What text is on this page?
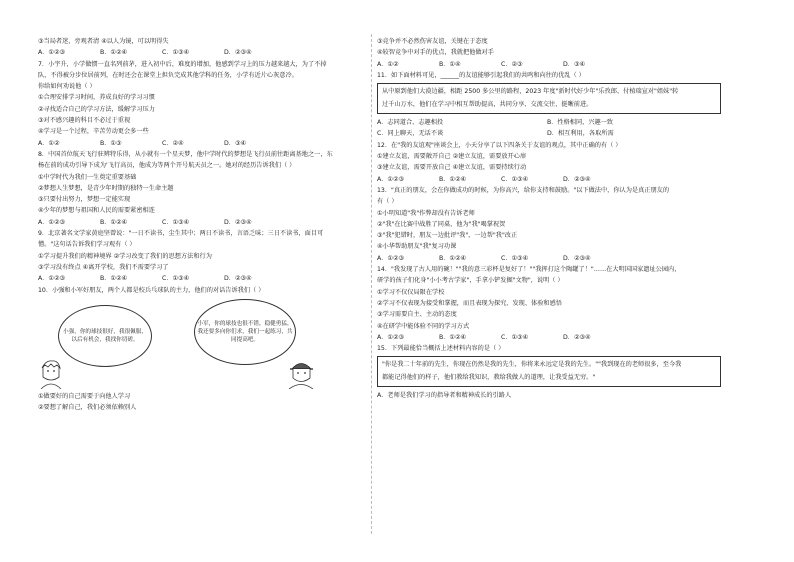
③当局者迷，旁观者清 ④以人为镜，可以明得失
A．①②③	B．①②④	C．①③④	D．②③④
7．小宇升，小学做惯一直名列前茅，进入初中后，难度的增加，他感到学习上的压力越来越大，为了不掉
队，不得被分步位居前列，在时还会在课堂上担负完成其他学科的任务，小学有近片心灰意冷。
你给如何劝说他（ ）
①合理安排学习时间，养成良好的学习习惯
②寻找适合自己的学习方法，缓解学习压力
③对不感兴趣的科目不必过于重视
④学习是一个过程，辛苦劳动更会多一些
A．①②	B．①③	C．②④	D．③④
8．中国首位航天飞行驻辨特乐得，从小就有一个星天梦，他中学时代的梦想是飞行员前往距离基地之一，东
杨在前的成功引导下成为'飞行高员，他成为等两个开号航天员之一。她对的经历告诉我们（ ）
①中学时代为我们一生奠定重要基础
②梦想人生梦想，是青少年时期的独特一生命主题
③只要付出努力，梦想一定能实现
④少年的梦想与祖国和人民的需要紧密相连
A．①②③	B．①②④	C．①③④	D．②③④
9．北京著名文学家黄庭坚曾说："一日不读书，尘生其中；两日不读书，言语乏味；三日不读书，面目可
憎。"这句话告诉我们学习观有（ ）
①学习提升我们的精神境界 ②学习改变了我们的思想方法和行为
③学习没有终点 ④离开学校，我们不需要学习了
A．①②③	B．①②④	C．①③④	D．②③④
10．小强和小军好朋友，两个人都是校兵乓球队的主力，他们的对话告诉我们（ ）
小强，你的球技很好，我很佩服，以后有机会，我找你切磋。
小军，你的球技也很不错，稳健勇猛，我还要多向你们求，我们一起练习，共同提高吧。
①做要好的自己需要于向他人学习
②要想了解自己，我们必须依赖别人
③竞争并不必然伤害友谊，关键在于态度
④较智竞争中对手的优点，我就把他做对手
A．①②	B．①④	C．②③	D．③④
11．如下面材料可见，______的友谊能够引起我们的共鸣和向往的优乱（ ）
从中原到他们大漠边疆，相距 2500 多公里的路程，2023 年度"新时代好少年"乐孜郎、付植瑞宣对"姐妹"转
过千山万水，他们在学习中相互帮助提高，共同分享、交流交往，挺晰前进。
A．志同道合、志趣相投	B．性格相同，兴趣一致
C．同上聊天，无话不谈	D．相互利用，各取所需
12．在"我的友谊观"座谈会上，小天分享了以下四条关于友谊的观点，其中正确的有（ ）
①建立友谊，需要敞开自己 ②建立友谊，需要放开心扉
③建立友谊，需要开放自己 ④建立友谊，需要持续行动
A．①②③	B．①②④	C．①③④	D．②③④
13．"真正的朋友，会在你做成功的时候，为你高兴，给你支持和鼓励。"以下做法中，你认为是真正朋友的
有（ ）
①小明知道"我"作弊却没有告诉老师
②"我"在比赛中战胜了同桌，他为"我"喝掌祝贺
③"我"犯错时，朋友一边批评"我"，一边帮"我"改正
④小华帮助朋友"我"复习功课
A．①②③	B．①②④	C．①③④	D．②③④
14．"我发现了古人用的碗！""我的意三彩杯是复好了！""我挥打这个陶罐了！"……在大明国国家遗址公园内，
研学的孩子们化身"小小考古学家"，手拿小铲发掘"文物"，说明（ ）
①学习不仅仅局限在学校
②学习不仅表现为接受和掌握，而且表现为探究、发现、体验和感悟
③学习需要自主、主动的态度
④在研学中能体验不同的学习方式
A．①②③	B．①②④	C．①③④	D．②③④
15．下列最能恰当概括上述材料内容的是（ ）
"你是我二十年前的先生，你现在仍然是我的先生，你将来永远定是我的先生。""我到现在的老师很多，至今我
都能记得他们的样子，他们教给我知识，教给我做人的道理，让我受益无穷。"
A．老师是我们学习的指导者和精神成长的引路人
